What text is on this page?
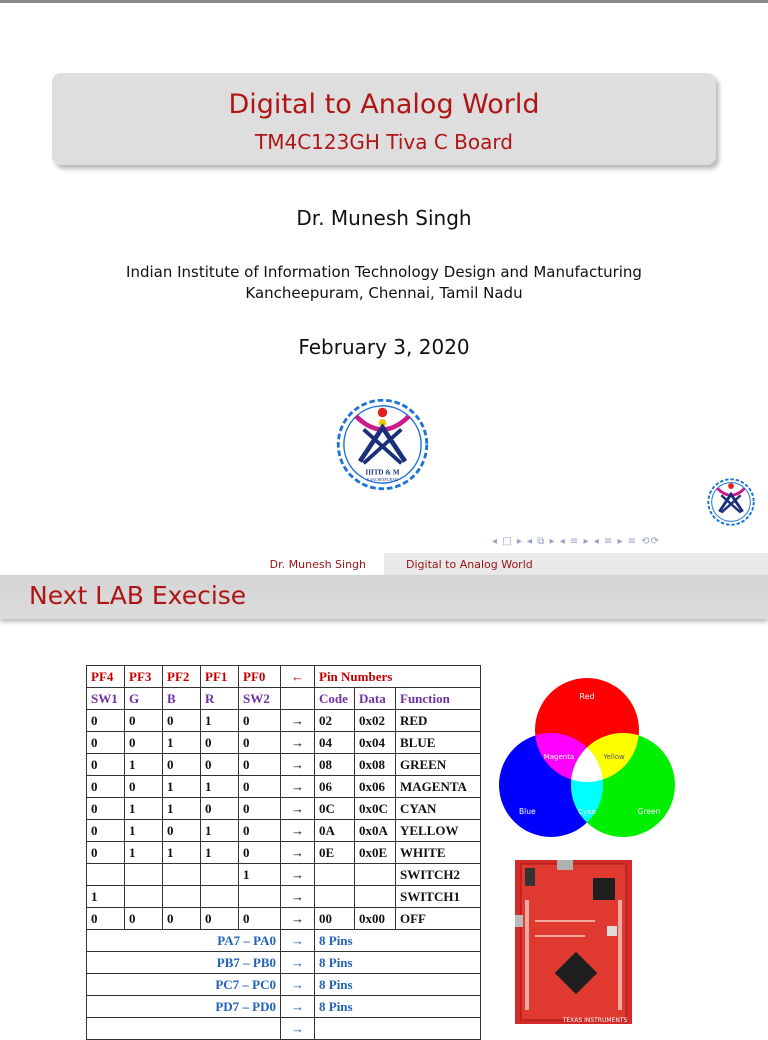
Digital to Analog World
TM4C123GH Tiva C Board
Dr. Munesh Singh
Indian Institute of Information Technology Design and Manufacturing
Kancheepuram, Chennai, Tamil Nadu
February 3, 2020
IIITD & M
KANCHEEPURAM
◂ □ ▸ ◂ ⧉ ▸ ◂ ≡ ▸ ◂ ≡ ▸ ≡ ⟲⟳
Dr. Munesh Singh	Digital to Analog World
Next LAB Execise
PF4	PF3	PF2	PF1	PF0	←	Pin Numbers		
SW1	G	B	R	SW2		Code	Data	Function
0	0	0	1	0	→	02	0x02	RED
0	0	1	0	0	→	04	0x04	BLUE
0	1	0	0	0	→	08	0x08	GREEN
0	0	1	1	0	→	06	0x06	MAGENTA
0	1	1	0	0	→	0C	0x0C	CYAN
0	1	0	1	0	→	0A	0x0A	YELLOW
0	1	1	1	0	→	0E	0x0E	WHITE
				1	→			SWITCH2
1					→			SWITCH1
0	0	0	0	0	→	00	0x00	OFF
PA7 – PA0					→	8 Pins		
PB7 – PB0					→	8 Pins		
PC7 – PC0					→	8 Pins		
PD7 – PD0					→	8 Pins		
					→			
Red
Magenta	Yellow
Blue	Cyan	Green
TEXAS INSTRUMENTS
